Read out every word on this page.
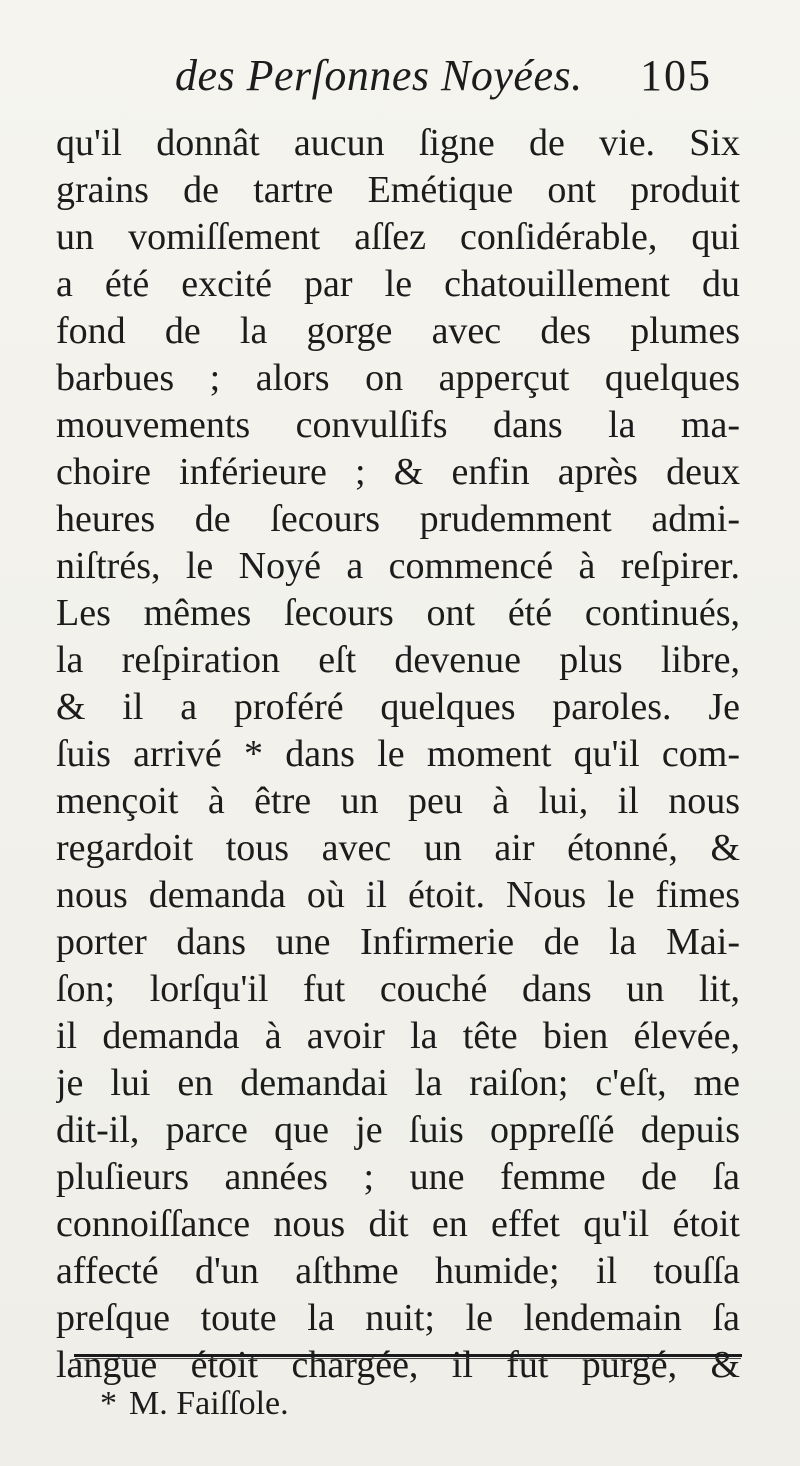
des Perſonnes Noyées. 105
qu'il donnât aucun ſigne de vie. Six
grains de tartre Emétique ont produit
un vomiſſement aſſez conſidérable, qui
a été excité par le chatouillement du
fond de la gorge avec des plumes
barbues ; alors on apperçut quelques
mouvements convulſifs dans la ma-
choire inférieure ; & enfin après deux
heures de ſecours prudemment admi-
niſtrés, le Noyé a commencé à reſpirer.
Les mêmes ſecours ont été continués,
la reſpiration eſt devenue plus libre,
& il a proféré quelques paroles. Je
ſuis arrivé * dans le moment qu'il com-
mençoit à être un peu à lui, il nous
regardoit tous avec un air étonné, &
nous demanda où il étoit. Nous le fimes
porter dans une Infirmerie de la Mai-
ſon; lorſqu'il fut couché dans un lit,
il demanda à avoir la tête bien élevée,
je lui en demandai la raiſon; c'eſt, me
dit-il, parce que je ſuis oppreſſé depuis
pluſieurs années ; une femme de ſa
connoiſſance nous dit en effet qu'il étoit
affecté d'un aſthme humide; il touſſa
preſque toute la nuit; le lendemain ſa
langue étoit chargée, il fut purgé, &
* M. Faiſſole.
